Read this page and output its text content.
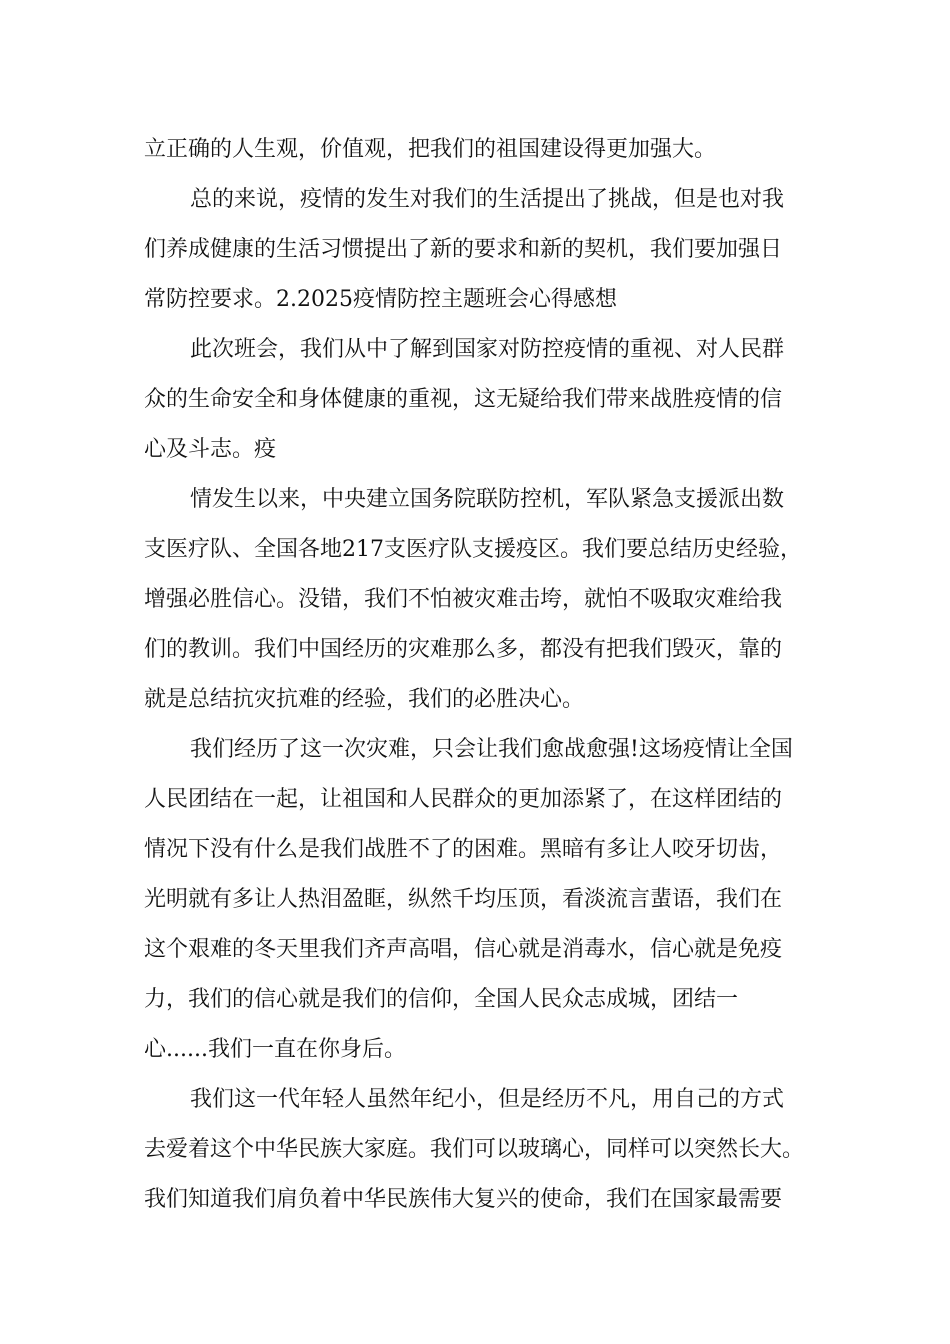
立正确的人生观，价值观，把我们的祖国建设得更加强大。
总的来说，疫情的发生对我们的生活提出了挑战，但是也对我
们养成健康的生活习惯提出了新的要求和新的契机，我们要加强日
常防控要求。2.2025疫情防控主题班会心得感想
此次班会，我们从中了解到国家对防控疫情的重视、对人民群
众的生命安全和身体健康的重视，这无疑给我们带来战胜疫情的信
心及斗志。疫
情发生以来，中央建立国务院联防控机，军队紧急支援派出数
支医疗队、全国各地217支医疗队支援疫区。我们要总结历史经验，
增强必胜信心。没错，我们不怕被灾难击垮，就怕不吸取灾难给我
们的教训。我们中国经历的灾难那么多，都没有把我们毁灭，靠的
就是总结抗灾抗难的经验，我们的必胜决心。
我们经历了这一次灾难，只会让我们愈战愈强!这场疫情让全国
人民团结在一起，让祖国和人民群众的更加添紧了，在这样团结的
情况下没有什么是我们战胜不了的困难。黑暗有多让人咬牙切齿，
光明就有多让人热泪盈眶，纵然千均压顶，看淡流言蜚语，我们在
这个艰难的冬天里我们齐声高唱，信心就是消毒水，信心就是免疫
力，我们的信心就是我们的信仰，全国人民众志成城，团结一
心......我们一直在你身后。
我们这一代年轻人虽然年纪小，但是经历不凡，用自己的方式
去爱着这个中华民族大家庭。我们可以玻璃心，同样可以突然长大。
我们知道我们肩负着中华民族伟大复兴的使命，我们在国家最需要
